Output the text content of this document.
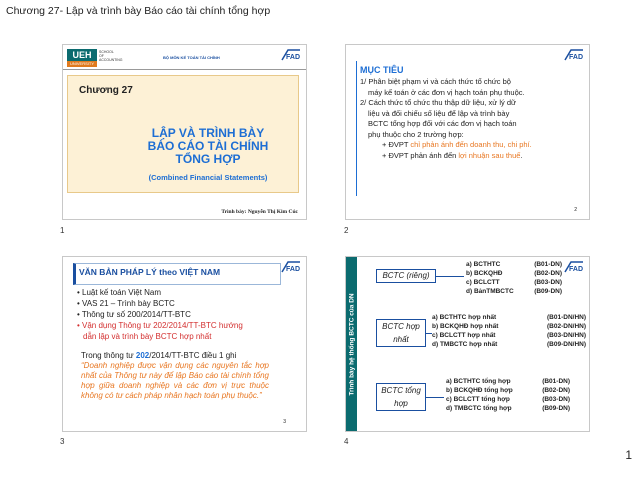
Chương 27- Lập và trình bày Báo cáo tài chính tổng hợp
UEH
UNIVERSITY
SCHOOL OF ACCOUNTING	BỘ MÔN KẾ TOÁN TÀI CHÍNH	FAD
Chương 27
LẬP VÀ TRÌNH BÀY
BÁO CÁO TÀI CHÍNH
TỔNG HỢP
(Combined Financial Statements)
Trình bày: Nguyễn Thị Kim Cúc
1
FAD
MỤC TIÊU
1/ Phân biệt phạm vi và cách thức tổ chức bộ
máy kế toán ở các đơn vị hạch toán phụ thuộc.
2/ Cách thức tổ chức thu thập dữ liệu, xử lý dữ
liệu và đối chiếu số liệu để lập và trình bày
BCTC tổng hợp đối với các đơn vị hạch toán
phụ thuộc cho 2 trường hợp:
+ ĐVPT chỉ phản ánh đến doanh thu, chi phí.
+ ĐVPT phản ánh đến lợi nhuận sau thuế.
2
2
FAD
VĂN BẢN PHÁP LÝ theo VIỆT NAM
• Luật kế toán Việt Nam
• VAS 21 – Trình bày BCTC
• Thông tư số 200/2014/TT-BTC
• Vận dụng Thông tư 202/2014/TT-BTC hướng
dẫn lập và trình bày BCTC hợp nhất
Trong thông tư 202/2014/TT-BTC điều 1 ghi
“Doanh nghiệp được vận dụng các nguyên tắc hợp nhất của Thông tư này để lập Báo cáo tài chính tổng hợp giữa doanh nghiệp và các đơn vị trực thuộc không có tư cách pháp nhân hạch toán phụ thuộc.”
3
3
Trình bày hệ thống BCTC của DN
FAD
BCTC (riêng)
BCTC hợp
nhất
BCTC tổng
hợp
a) BCTHTC	(B01-DN)
b) BCKQHĐ	(B02-DN)
c) BCLCTT	(B03-DN)
d) BảnTMBCTC	(B09-DN)
a) BCTHTC hợp nhất	(B01-DN/HN)
b) BCKQHĐ hợp nhất	(B02-DN/HN)
c) BCLCTT hợp nhất	(B03-DN/HN)
d) TMBCTC hợp nhất	(B09-DN/HN)
a) BCTHTC tổng hợp	(B01-DN)
b) BCKQHĐ tổng hợp	(B02-DN)
c) BCLCTT tổng hợp	(B03-DN)
d) TMBCTC tổng hợp	(B09-DN)
4
1
